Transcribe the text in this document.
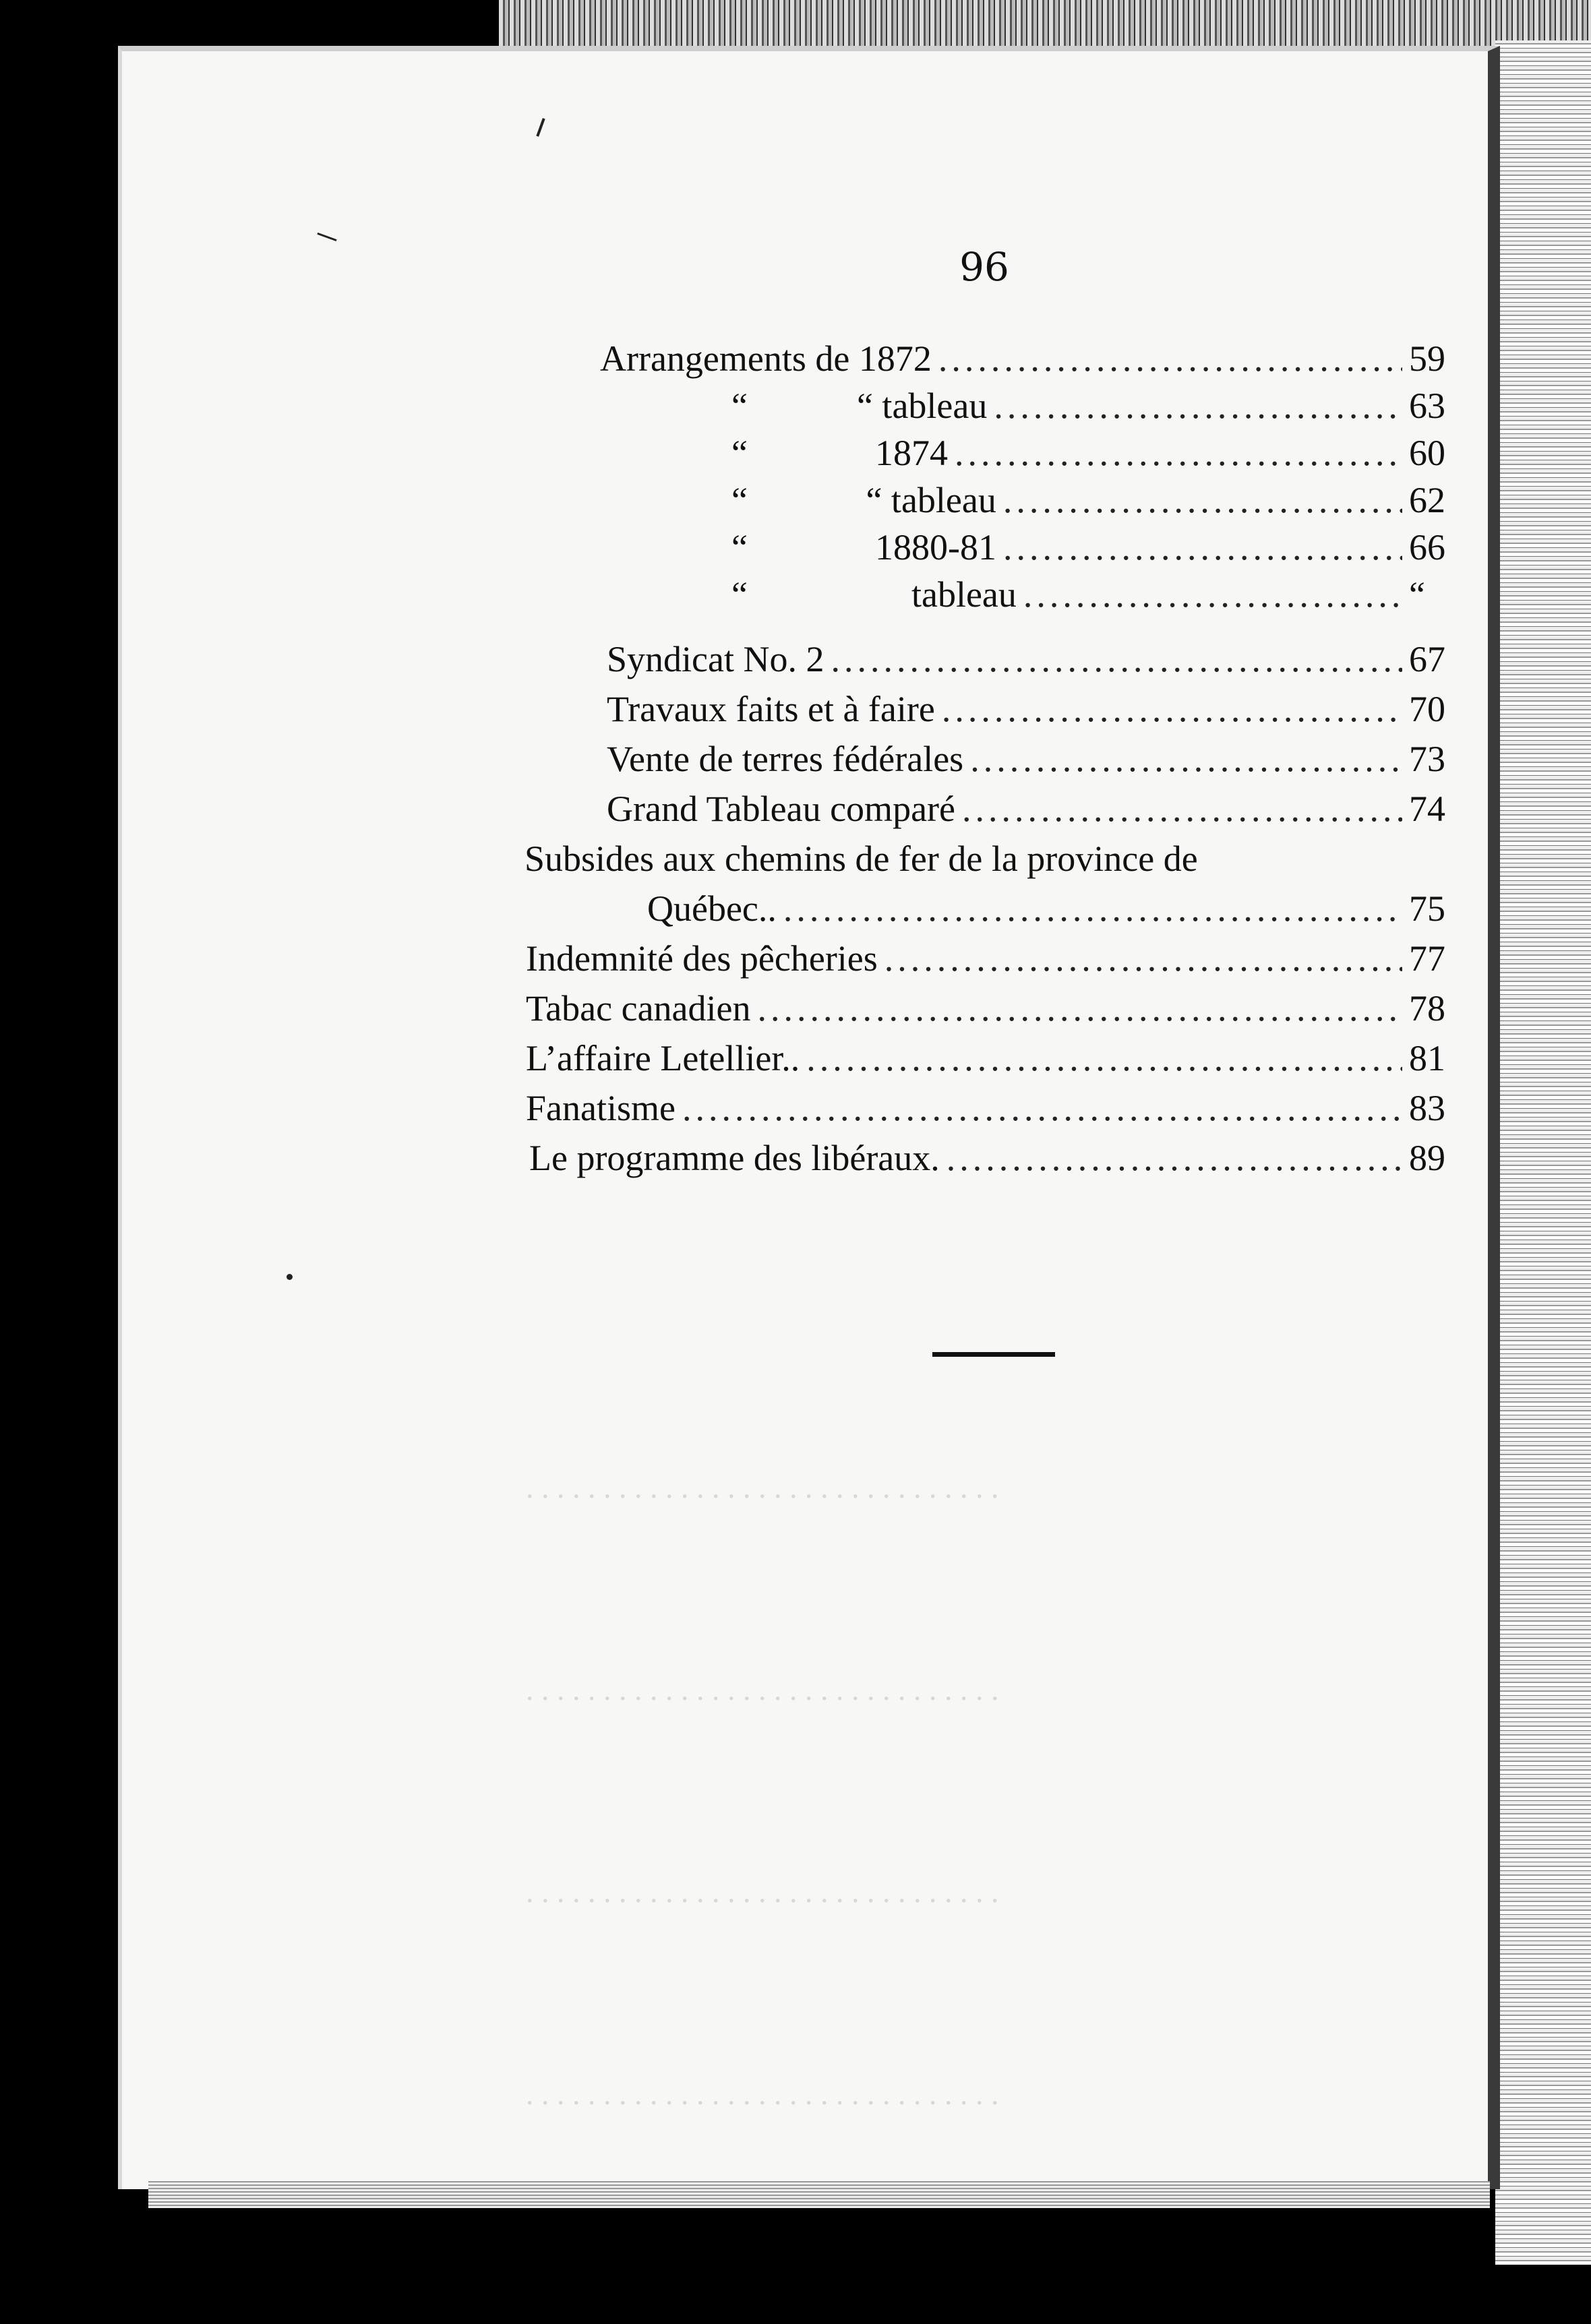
. . . . . . . . . . . . . . . . . . . . . . . . . . . . . . .
. . . . . . . . . . . . . . . . . . . . . . . . . . . . . . .
. . . . . . . . . . . . . . . . . . . . . . . . . . . . . . .
. . . . . . . . . . . . . . . . . . . . . . . . . . . . . . .
96
Arrangements de 1872 .....	59
“            “ tableau .....	63
“              1874 .....	60
“             “ tableau .....	62
“              1880-81 .....	66
“                  tableau .....	“
Syndicat No. 2 .....	67
Travaux faits et à faire .....	70
Vente de terres fédérales .....	73
Grand Tableau comparé .....	74
Subsides aux chemins de fer de la province de
Québec.. .....	75
Indemnité des pêcheries .....	77
Tabac canadien .....	78
L’affaire Letellier.. .....	81
Fanatisme .....	83
Le programme des libéraux. .....	89
